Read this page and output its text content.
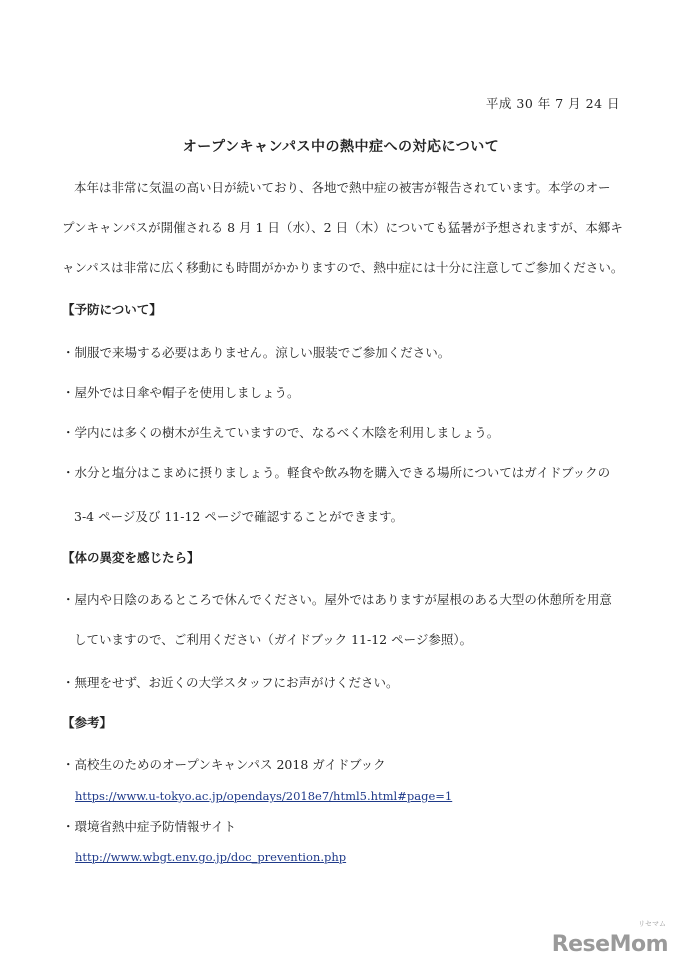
平成 30 年 7 月 24 日
オープンキャンパス中の熱中症への対応について
本年は非常に気温の高い日が続いており、各地で熱中症の被害が報告されています。本学のオー
プンキャンパスが開催される 8 月 1 日（水）、2 日（木）についても猛暑が予想されますが、本郷キ
ャンパスは非常に広く移動にも時間がかかりますので、熱中症には十分に注意してご参加ください。
【予防について】
・制服で来場する必要はありません。涼しい服装でご参加ください。
・屋外では日傘や帽子を使用しましょう。
・学内には多くの樹木が生えていますので、なるべく木陰を利用しましょう。
・水分と塩分はこまめに摂りましょう。軽食や飲み物を購入できる場所についてはガイドブックの
3-4 ページ及び 11-12 ページで確認することができます。
【体の異変を感じたら】
・屋内や日陰のあるところで休んでください。屋外ではありますが屋根のある大型の休憩所を用意
していますので、ご利用ください（ガイドブック 11-12 ページ参照）。
・無理をせず、お近くの大学スタッフにお声がけください。
【参考】
・高校生のためのオープンキャンパス 2018 ガイドブック
https://www.u-tokyo.ac.jp/opendays/2018e7/html5.html#page=1
・環境省熱中症予防情報サイト
http://www.wbgt.env.go.jp/doc_prevention.php
リセマム
ReseMom
